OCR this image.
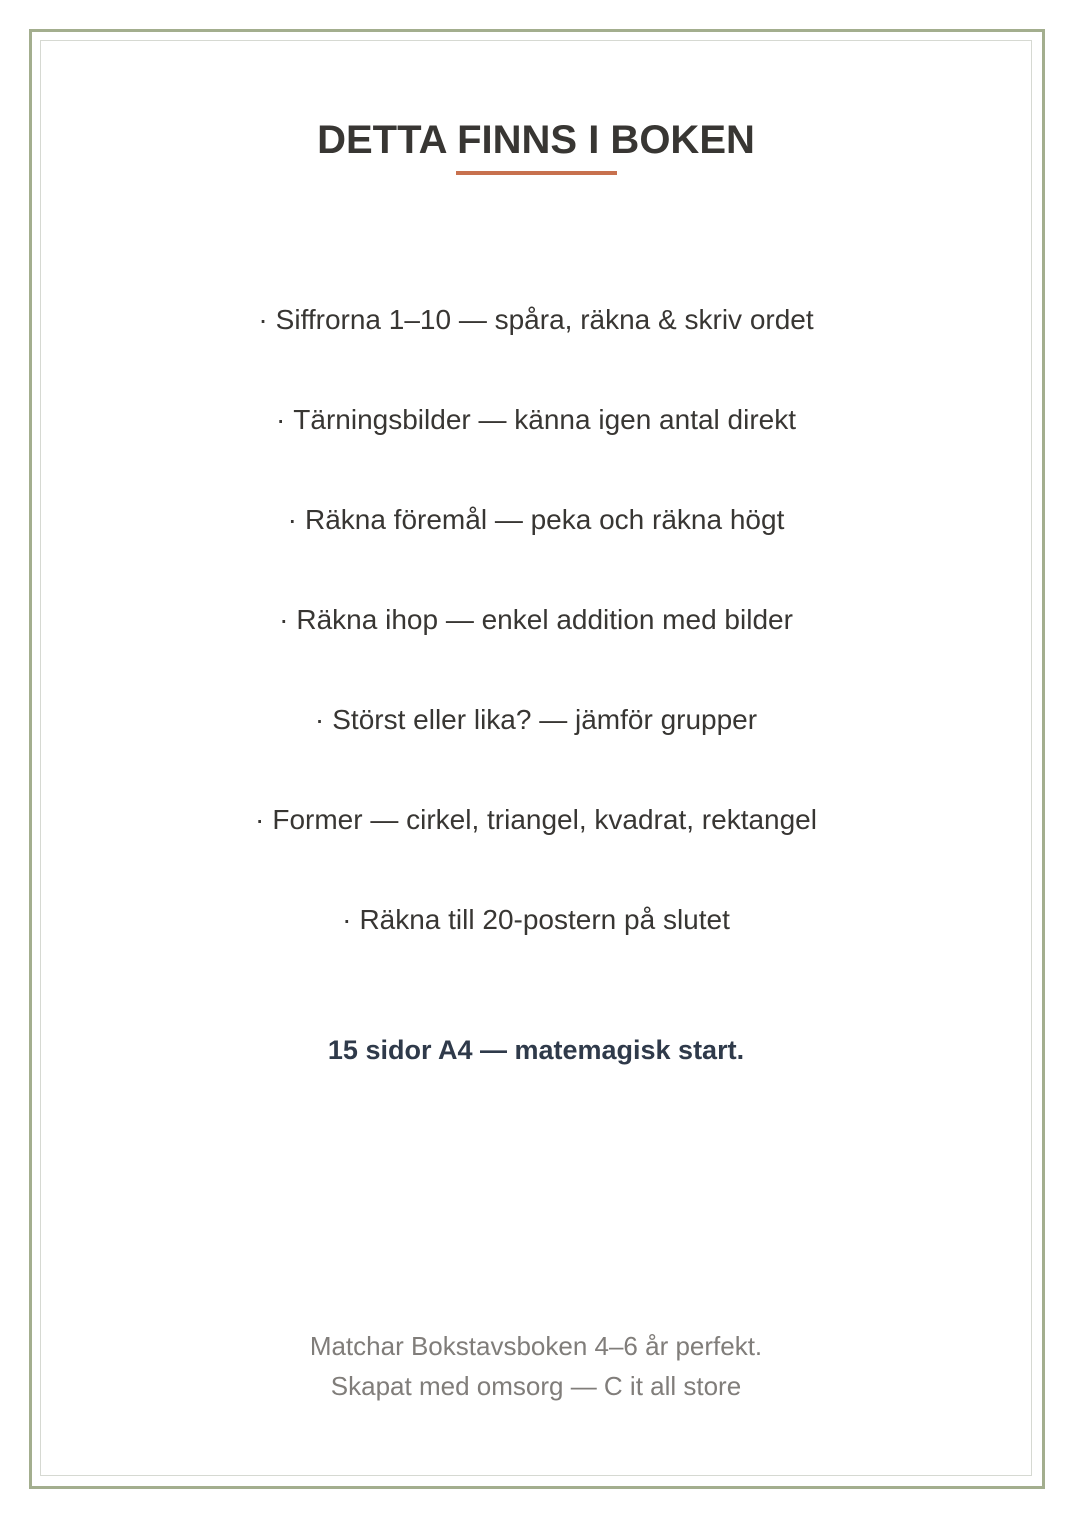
DETTA FINNS I BOKEN
· Siffrorna 1–10 — spåra, räkna & skriv ordet
· Tärningsbilder — känna igen antal direkt
· Räkna föremål — peka och räkna högt
· Räkna ihop — enkel addition med bilder
· Störst eller lika? — jämför grupper
· Former — cirkel, triangel, kvadrat, rektangel
· Räkna till 20-postern på slutet
15 sidor A4 — matemagisk start.
Matchar Bokstavsboken 4–6 år perfekt.
Skapat med omsorg — C it all store
